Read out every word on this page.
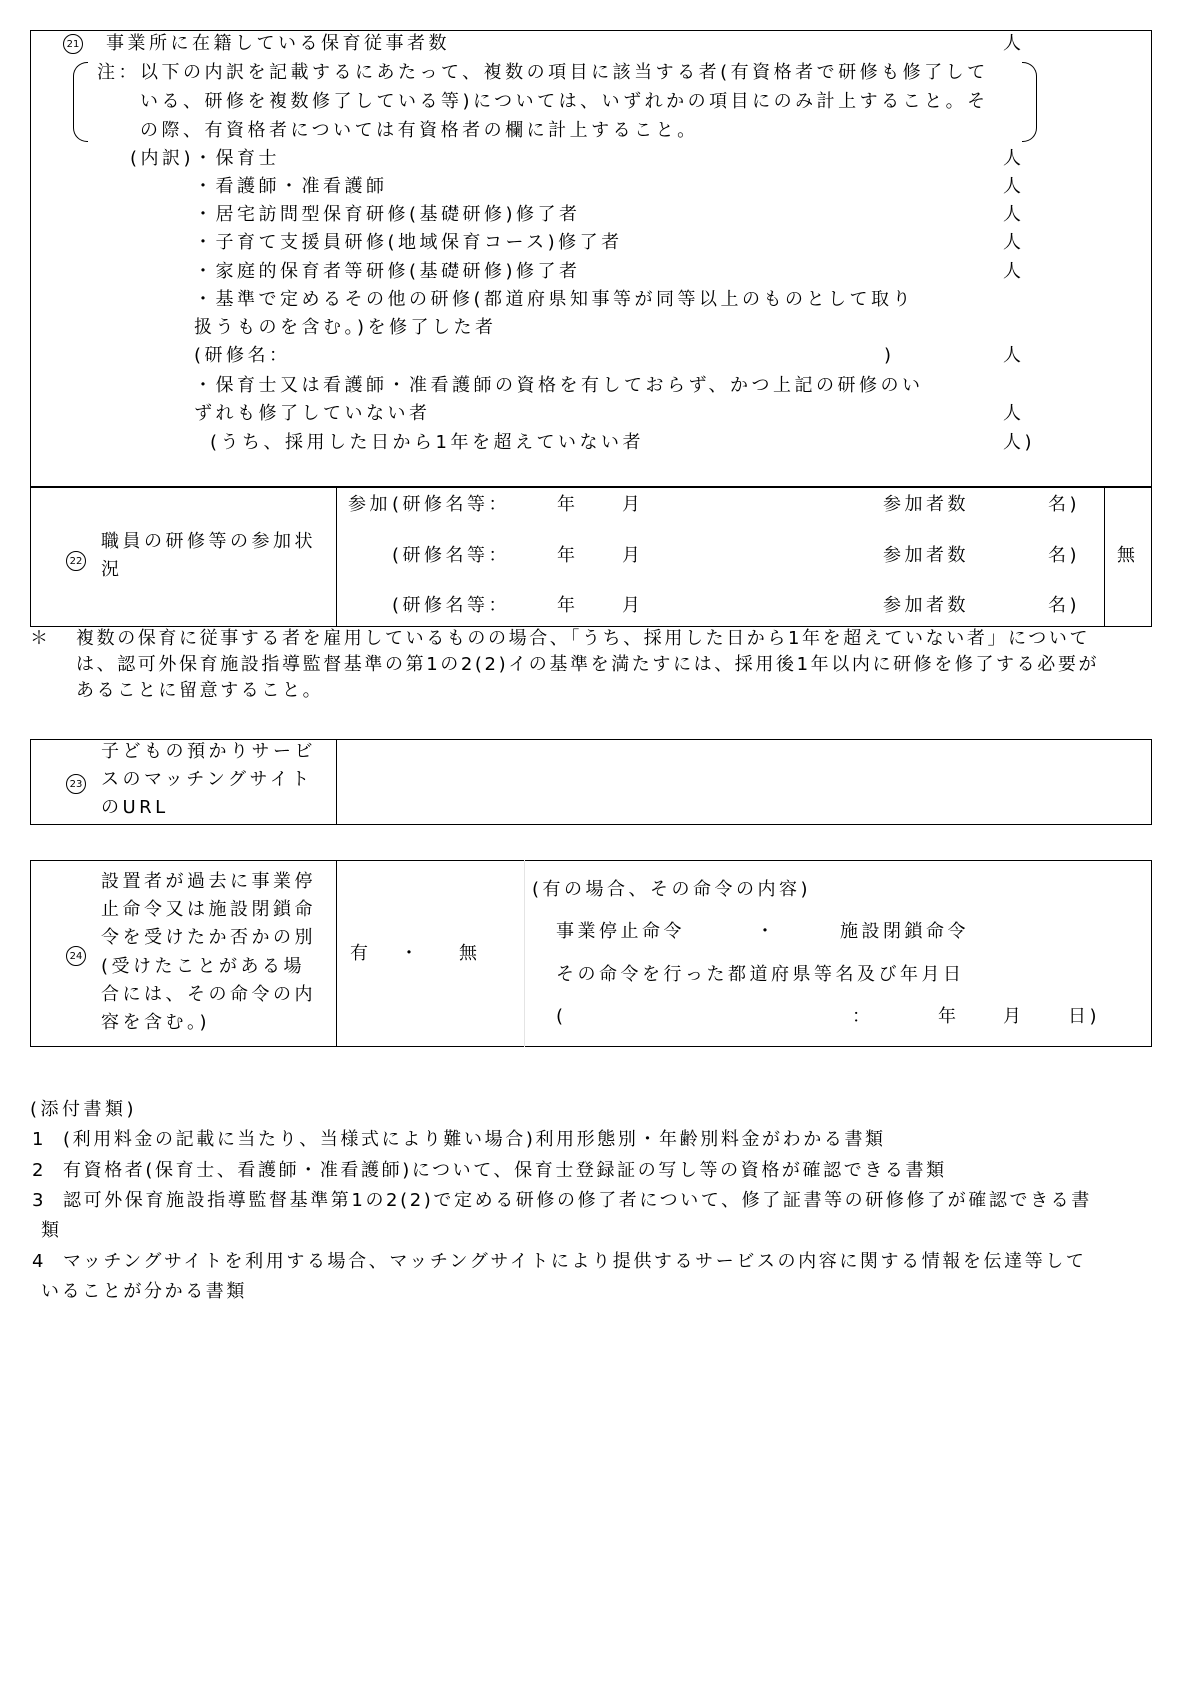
21 事業所に在籍している保育従事者数	人
注：以下の内訳を記載するにあたって、複数の項目に該当する者(有資格者で研修も修了して
いる、研修を複数修了している等)については、いずれかの項目にのみ計上すること。そ
の際、有資格者については有資格者の欄に計上すること。
(内訳) ・保育士	人
・看護師・准看護師	人
・居宅訪問型保育研修(基礎研修)修了者	人
・子育て支援員研修(地域保育コース)修了者	人
・家庭的保育者等研修(基礎研修)修了者	人
・基準で定めるその他の研修(都道府県知事等が同等以上のものとして取り
扱うものを含む。)を修了した者
(研修名：	)	人
・保育士又は看護師・准看護師の資格を有しておらず、かつ上記の研修のい
ずれも修了していない者	人
(うち、採用した日から1年を超えていない者	人)
22
職員の研修等の参加状
況
参加 (研修名等：	年 月	参加者数	名)
(研修名等：	年 月	参加者数	名)
(研修名等：	年 月	参加者数	名)
無
＊ 複数の保育に従事する者を雇用しているものの場合、「うち、採用した日から1年を超えていない者」について
は、認可外保育施設指導監督基準の第1の2(2)イの基準を満たすには、採用後1年以内に研修を修了する必要が
あることに留意すること。
23
子どもの預かりサービ
スのマッチングサイト
のURL
24
設置者が過去に事業停
止命令又は施設閉鎖命
令を受けたか否かの別
(受けたことがある場
合には、その命令の内
容を含む。)
有 ・ 無
(有の場合、その命令の内容)
事業停止命令	・	施設閉鎖命令
その命令を行った都道府県等名及び年月日
(	：	年 月 日)
(添付書類)
1 (利用料金の記載に当たり、当様式により難い場合)利用形態別・年齢別料金がわかる書類
2 有資格者(保育士、看護師・准看護師)について、保育士登録証の写し等の資格が確認できる書類
3 認可外保育施設指導監督基準第1の2(2)で定める研修の修了者について、修了証書等の研修修了が確認できる書
類
4 マッチングサイトを利用する場合、マッチングサイトにより提供するサービスの内容に関する情報を伝達等して
いることが分かる書類
